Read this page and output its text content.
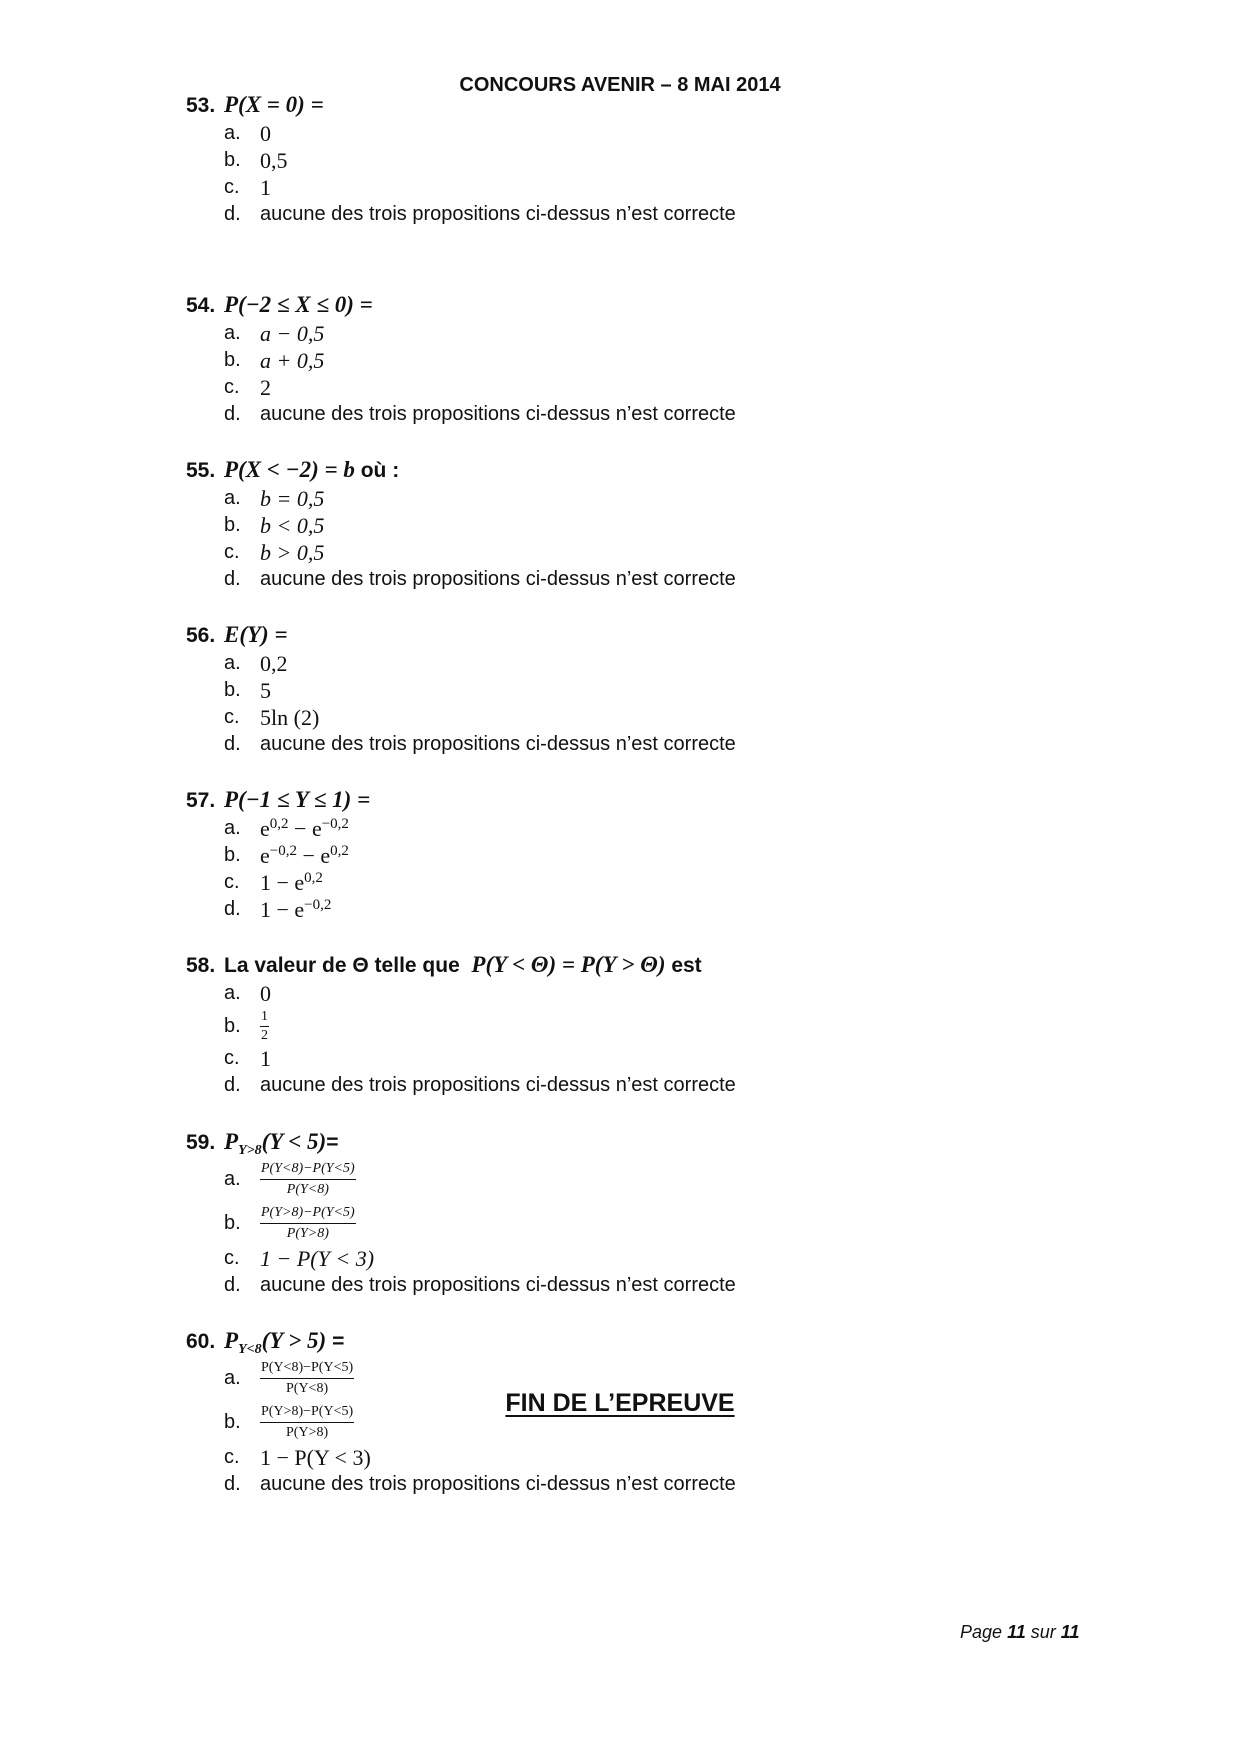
CONCOURS AVENIR – 8 MAI 2014
53. P(X = 0) =
a. 0
b. 0,5
c. 1
d. aucune des trois propositions ci-dessus n’est correcte
54. P(−2 ≤ X ≤ 0) =
a. a − 0,5
b. a + 0,5
c. 2
d. aucune des trois propositions ci-dessus n’est correcte
55. P(X < −2) = b où :
a. b = 0,5
b. b < 0,5
c. b > 0,5
d. aucune des trois propositions ci-dessus n’est correcte
56. E(Y) =
a. 0,2
b. 5
c. 5ln (2)
d. aucune des trois propositions ci-dessus n’est correcte
57. P(−1 ≤ Y ≤ 1) =
a. $e^{0,2} - e^{-0,2}$
b. $e^{-0,2} - e^{0,2}$
c. $1 - e^{0,2}$
d. $1 - e^{-0,2}$
58. La valeur de Θ telle que P(Y < Θ) = P(Y > Θ) est
a. 0
b. $\frac{1}{2}$
c. 1
d. aucune des trois propositions ci-dessus n’est correcte
59. $P_{Y>8}(Y < 5)=$
a. $\frac{P(Y<8)-P(Y<5)}{P(Y<8)}$
b. $\frac{P(Y>8)-P(Y<5)}{P(Y>8)}$
c. 1 − P(Y < 3)
d. aucune des trois propositions ci-dessus n’est correcte
60. $P_{Y<8}(Y > 5)$ =
a. $\frac{P(Y<8)-P(Y<5)}{P(Y<8)}$
b. $\frac{P(Y>8)-P(Y<5)}{P(Y>8)}$
c. 1 − P(Y < 3)
d. aucune des trois propositions ci-dessus n’est correcte
FIN DE L’EPREUVE
Page 11 sur 11
